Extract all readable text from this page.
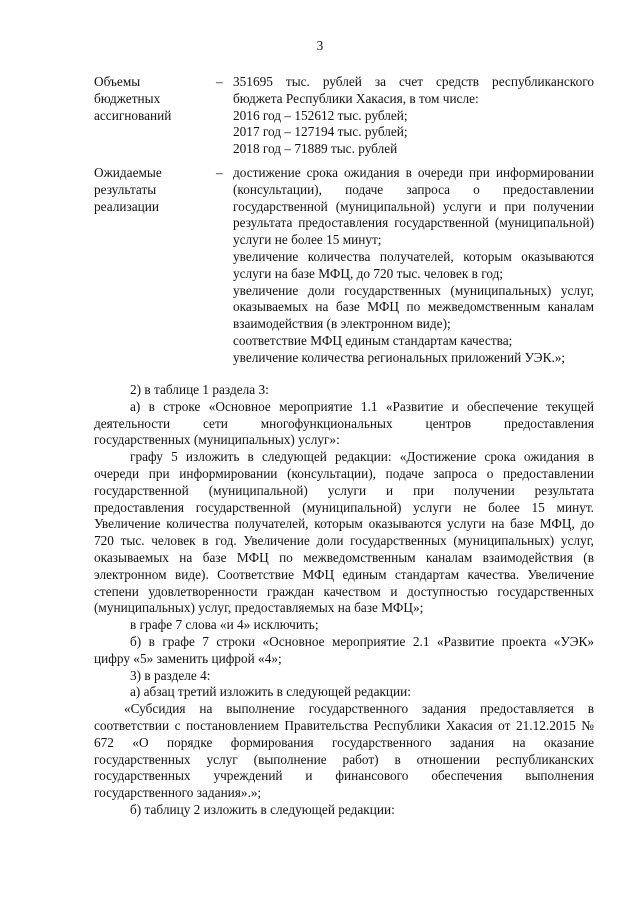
3
Объемы
бюджетных
ассигнований
– 351695 тыс. рублей за счет средств республиканского
бюджета Республики Хакасия, в том числе:
2016 год – 152612 тыс. рублей;
2017 год – 127194 тыс. рублей;
2018 год – 71889 тыс. рублей
Ожидаемые
результаты
реализации
– достижение срока ожидания в очереди при информировании
(консультации), подаче запроса о предоставлении
государственной (муниципальной) услуги и при получении
результата предоставления государственной (муниципальной)
услуги не более 15 минут;
увеличение количества получателей, которым оказываются
услуги на базе МФЦ, до 720 тыс. человек в год;
увеличение доли государственных (муниципальных) услуг,
оказываемых на базе МФЦ по межведомственным каналам
взаимодействия (в электронном виде);
соответствие МФЦ единым стандартам качества;
увеличение количества региональных приложений УЭК.»;
2) в таблице 1 раздела 3:
а) в строке «Основное мероприятие 1.1 «Развитие и обеспечение текущей
деятельности сети многофункциональных центров предоставления
государственных (муниципальных) услуг»:
графу 5 изложить в следующей редакции: «Достижение срока ожидания в
очереди при информировании (консультации), подаче запроса о предоставлении
государственной (муниципальной) услуги и при получении результата
предоставления государственной (муниципальной) услуги не более 15 минут.
Увеличение количества получателей, которым оказываются услуги на базе МФЦ, до
720 тыс. человек в год. Увеличение доли государственных (муниципальных) услуг,
оказываемых на базе МФЦ по межведомственным каналам взаимодействия (в
электронном виде). Соответствие МФЦ единым стандартам качества. Увеличение
степени удовлетворенности граждан качеством и доступностью государственных
(муниципальных) услуг, предоставляемых на базе МФЦ»;
в графе 7 слова «и 4» исключить;
б) в графе 7 строки «Основное мероприятие 2.1 «Развитие проекта «УЭК»
цифру «5» заменить цифрой «4»;
3) в разделе 4:
а) абзац третий изложить в следующей редакции:
«Субсидия на выполнение государственного задания предоставляется в
соответствии с постановлением Правительства Республики Хакасия от 21.12.2015 №
672 «О порядке формирования государственного задания на оказание
государственных услуг (выполнение работ) в отношении республиканских
государственных учреждений и финансового обеспечения выполнения
государственного задания».»;
б) таблицу 2 изложить в следующей редакции:
